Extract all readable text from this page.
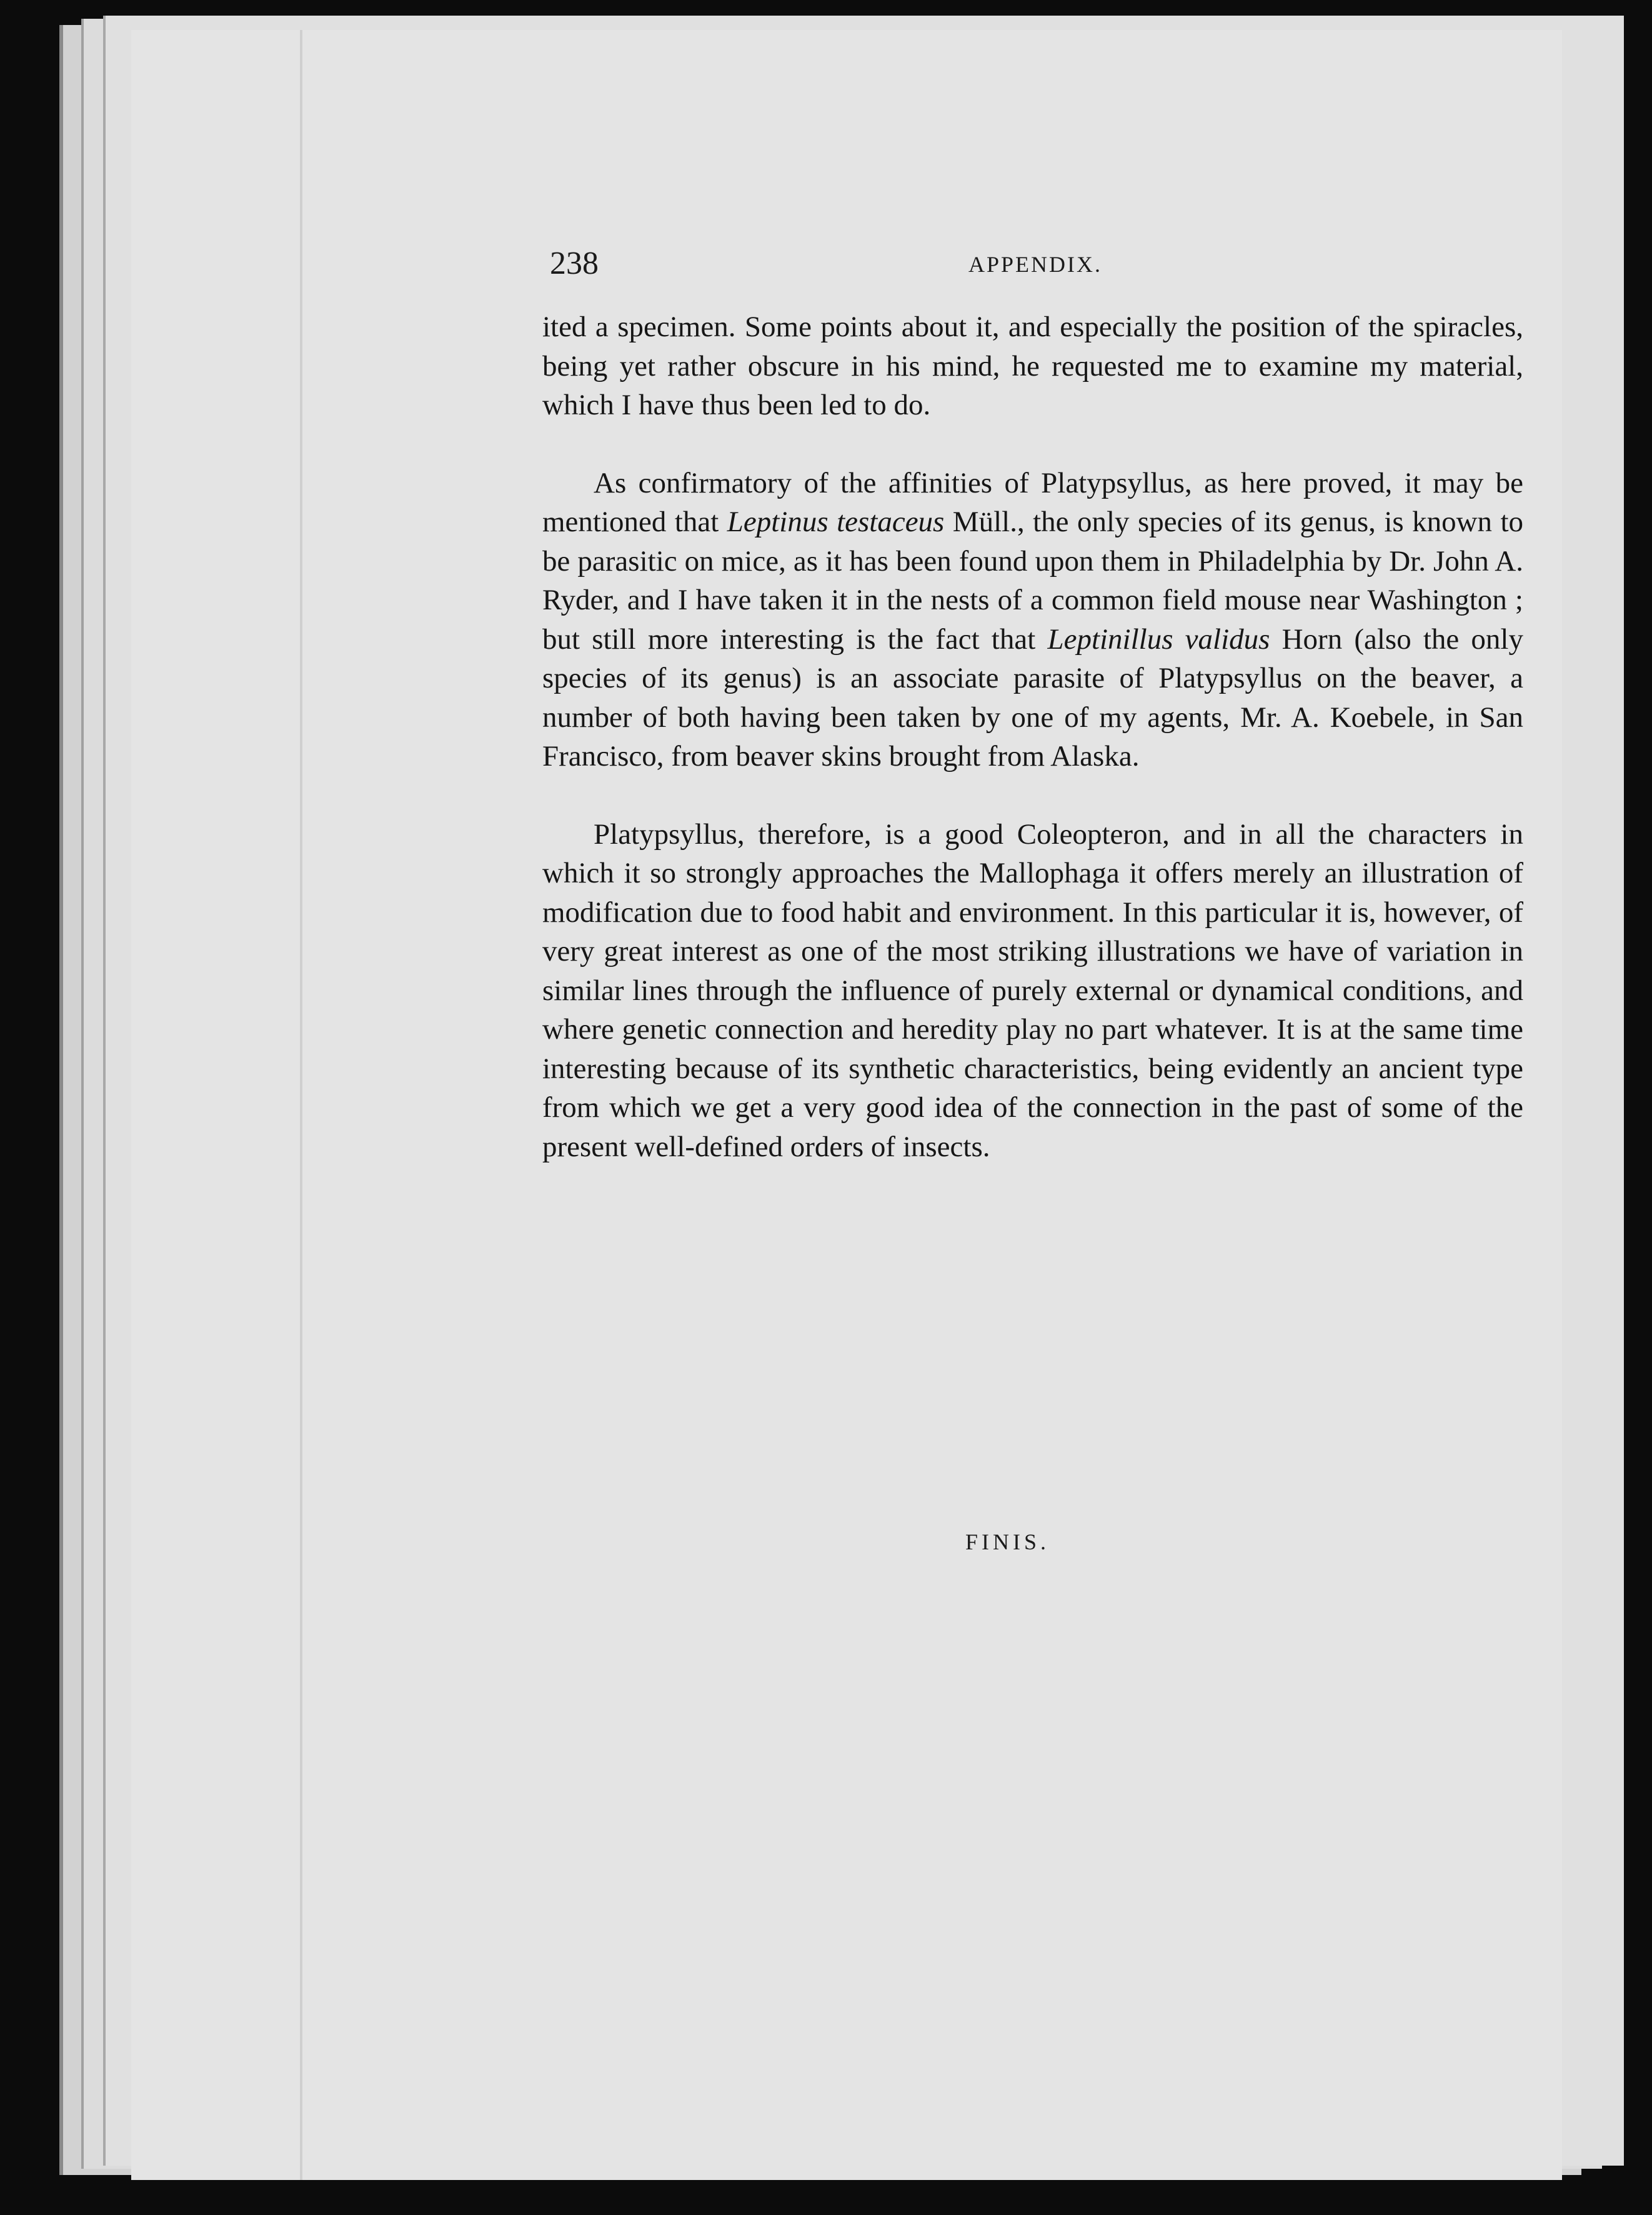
238	APPENDIX.

ited a specimen. Some points about it, and especially the position of the spiracles, being yet rather obscure in his mind, he requested me to examine my material, which I have thus been led to do.

As confirmatory of the affinities of Platypsyllus, as here proved, it may be mentioned that Leptinus testaceus Müll., the only species of its genus, is known to be parasitic on mice, as it has been found upon them in Philadelphia by Dr. John A. Ryder, and I have taken it in the nests of a common field mouse near Washington ; but still more interesting is the fact that Leptinillus validus Horn (also the only species of its genus) is an associate parasite of Platypsyllus on the beaver, a number of both having been taken by one of my agents, Mr. A. Koebele, in San Francisco, from beaver skins brought from Alaska.

Platypsyllus, therefore, is a good Coleopteron, and in all the characters in which it so strongly approaches the Mallophaga it offers merely an illustration of modification due to food habit and environment. In this particular it is, however, of very great interest as one of the most striking illustrations we have of variation in similar lines through the influence of purely external or dynamical conditions, and where genetic connection and heredity play no part whatever. It is at the same time interesting because of its synthetic characteristics, being evidently an ancient type from which we get a very good idea of the connection in the past of some of the present well-defined orders of insects.

FINIS.
